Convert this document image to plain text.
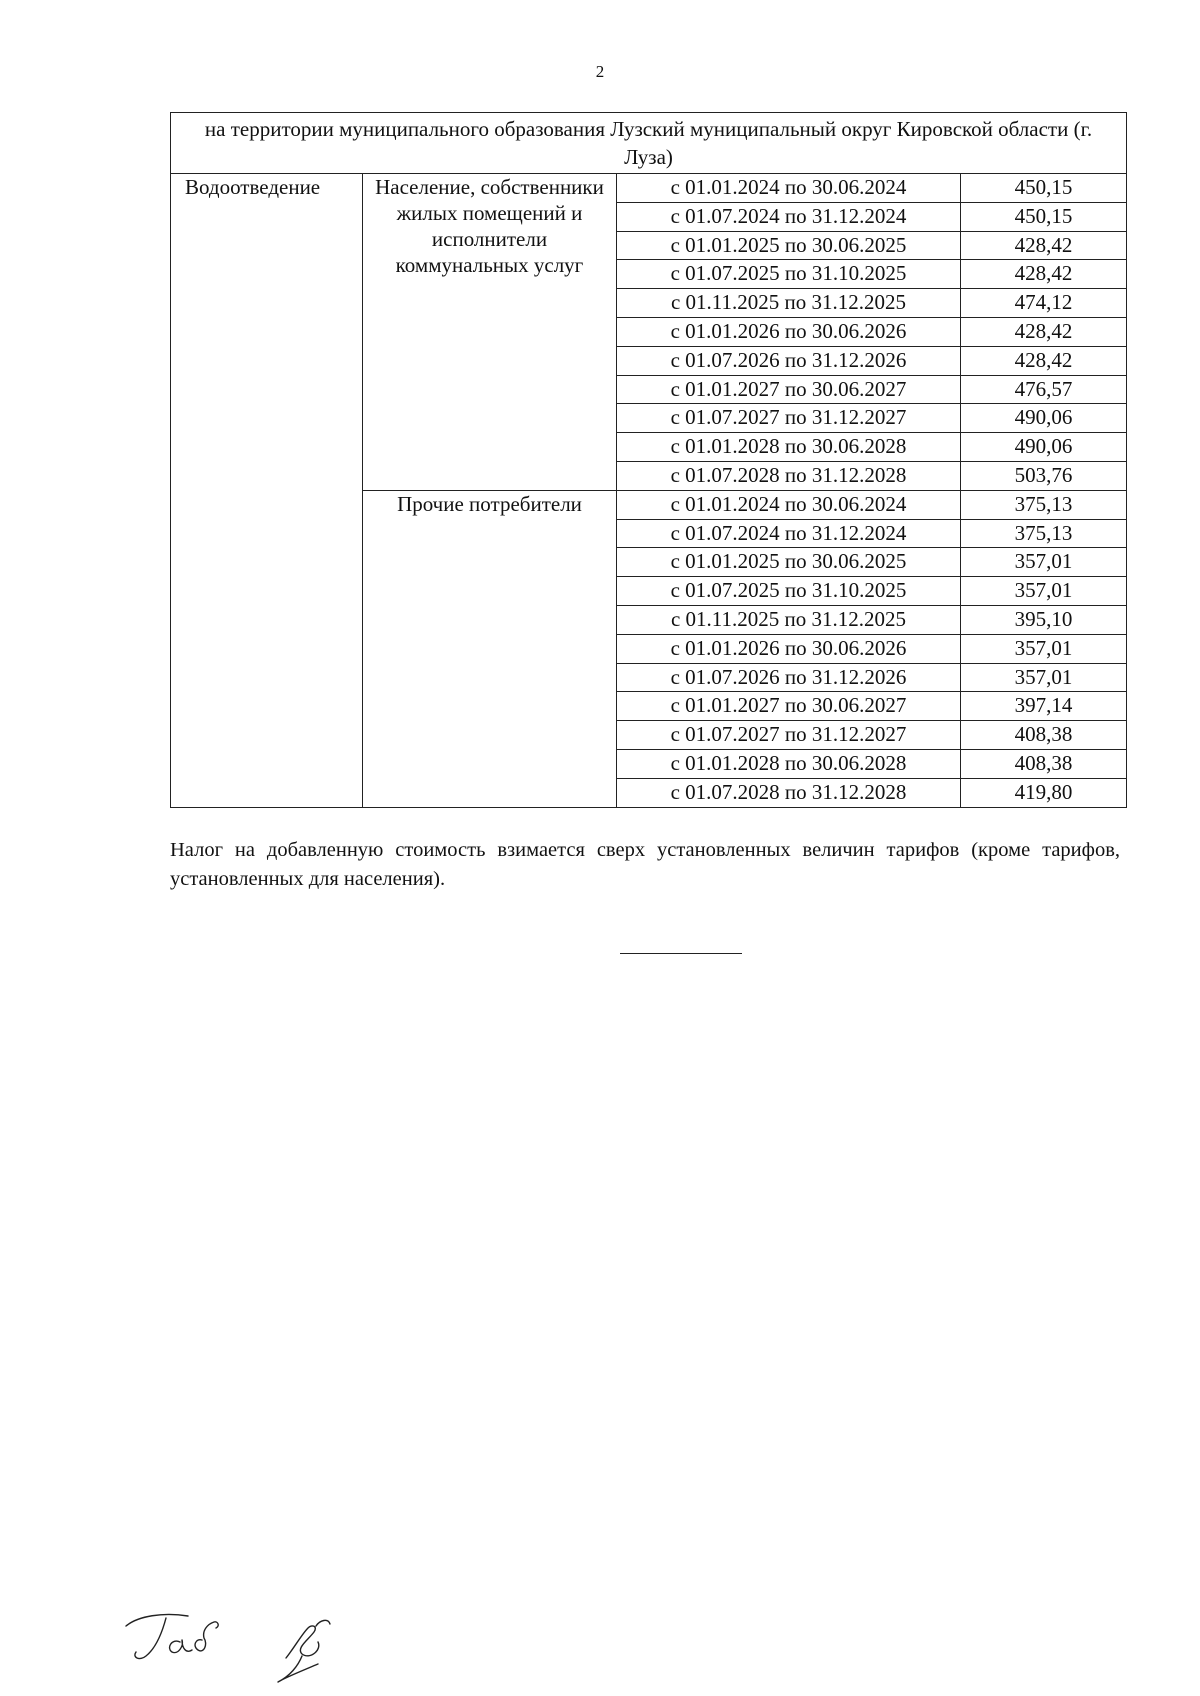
2
на территории муниципального образования Лузский муниципальный округ Кировской области (г. Луза)			
Водоотведение	Население, собственники жилых помещений и исполнители коммунальных услуг	с 01.01.2024 по 30.06.2024	450,15
		с 01.07.2024 по 31.12.2024	450,15
		с 01.01.2025 по 30.06.2025	428,42
		с 01.07.2025 по 31.10.2025	428,42
		с 01.11.2025 по 31.12.2025	474,12
		с 01.01.2026 по 30.06.2026	428,42
		с 01.07.2026 по 31.12.2026	428,42
		с 01.01.2027 по 30.06.2027	476,57
		с 01.07.2027 по 31.12.2027	490,06
		с 01.01.2028 по 30.06.2028	490,06
		с 01.07.2028 по 31.12.2028	503,76
	Прочие потребители	с 01.01.2024 по 30.06.2024	375,13
		с 01.07.2024 по 31.12.2024	375,13
		с 01.01.2025 по 30.06.2025	357,01
		с 01.07.2025 по 31.10.2025	357,01
		с 01.11.2025 по 31.12.2025	395,10
		с 01.01.2026 по 30.06.2026	357,01
		с 01.07.2026 по 31.12.2026	357,01
		с 01.01.2027 по 30.06.2027	397,14
		с 01.07.2027 по 31.12.2027	408,38
		с 01.01.2028 по 30.06.2028	408,38
		с 01.07.2028 по 31.12.2028	419,80
Налог на добавленную стоимость взимается сверх установленных величин тарифов (кроме тарифов, установленных для населения).
